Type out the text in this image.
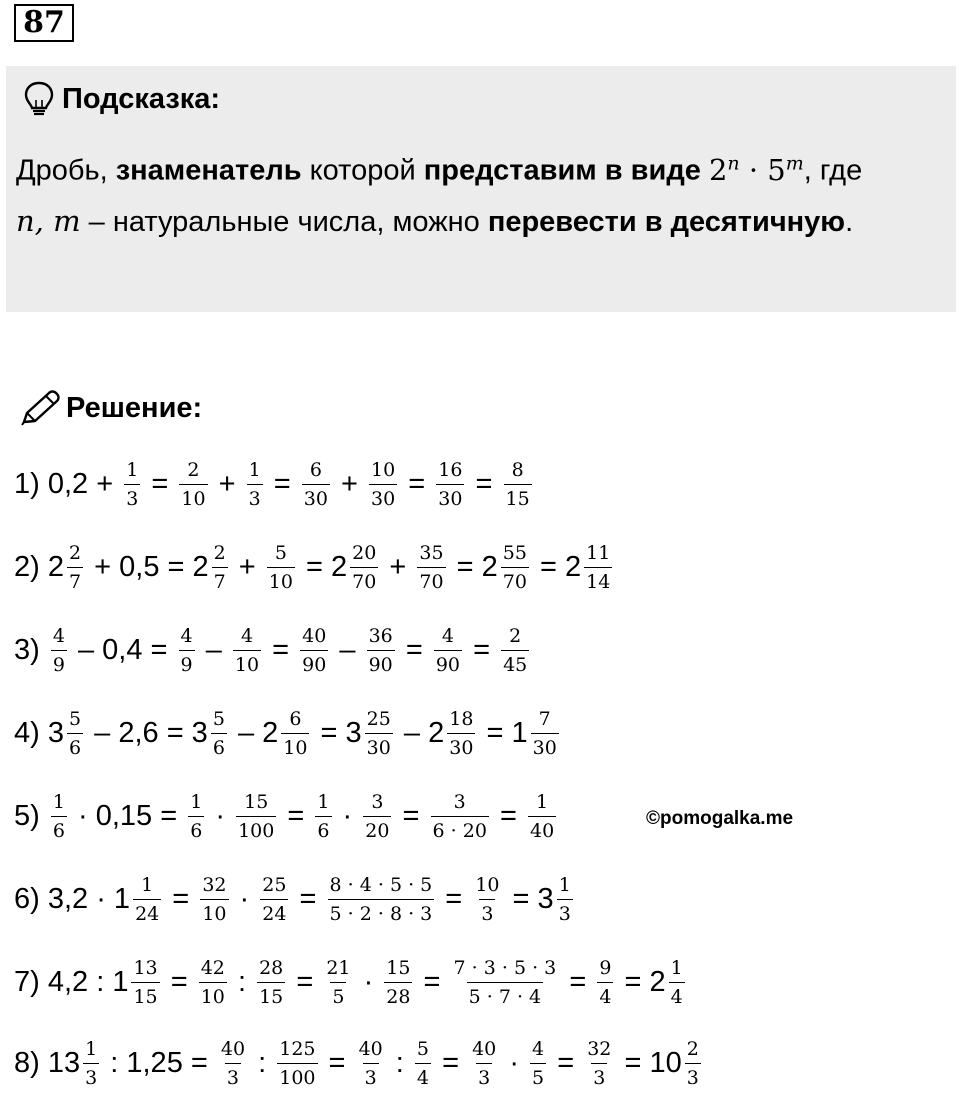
87
Подсказка:
Дробь, знаменатель которой представим в виде $2^n \cdot 5^m$, где
n, m – натуральные числа, можно перевести в десятичную.
Решение:
1) $0,2 + \frac{1}{3} = \frac{2}{10} + \frac{1}{3} = \frac{6}{30} + \frac{10}{30} = \frac{16}{30} = \frac{8}{15}$
2) $2 \frac{2}{7} + 0,5 = 2 \frac{2}{7} + \frac{5}{10} = 2 \frac{20}{70} + \frac{35}{70} = 2 \frac{55}{70} = 2 \frac{11}{14}$
$3) \frac{4}{9} - 0,4 = \frac{4}{9} - \frac{4}{10} = \frac{40}{90} - \frac{36}{90} = \frac{4}{90} = \frac{2}{45}$
4) $3 \frac{5}{6} - 2,6 = 3 \frac{5}{6} - 2 \frac{6}{10} = 3 \frac{25}{30} - 2 \frac{18}{30} = 1 \frac{7}{30}$
$5) \frac{1}{6} \cdot 0,15 = \frac{1}{6} \cdot \frac{15}{100} = \frac{1}{6} \cdot \frac{3}{20} = \frac{3}{6 \cdot 20} = \frac{1}{40}$
6) $3,2 \cdot 1 \frac{1}{24} = \frac{32}{10} \cdot \frac{25}{24} = \frac{8 \cdot 4 \cdot 5 \cdot 5}{5 \cdot 2 \cdot 8 \cdot 3} = \frac{10}{3} = 3 \frac{1}{3}$
7) 4,2 : $1 \frac{13}{15} = \frac{42}{10}$ : $\frac{28}{15} = \frac{21}{5} \cdot \frac{15}{28} = \frac{7 \cdot 3 \cdot 5 \cdot 3}{5 \cdot 7 \cdot 4} = \frac{9}{4} = 2 \frac{1}{4}$
8) $13 \frac{1}{3}$ : $1,25 = \frac{40}{3}$ : $\frac{125}{100} = \frac{40}{3}$ : $\frac{5}{4} = \frac{40}{3} \cdot \frac{4}{5} = \frac{32}{3} = 10 \frac{2}{3}$
©pomogalka.me
